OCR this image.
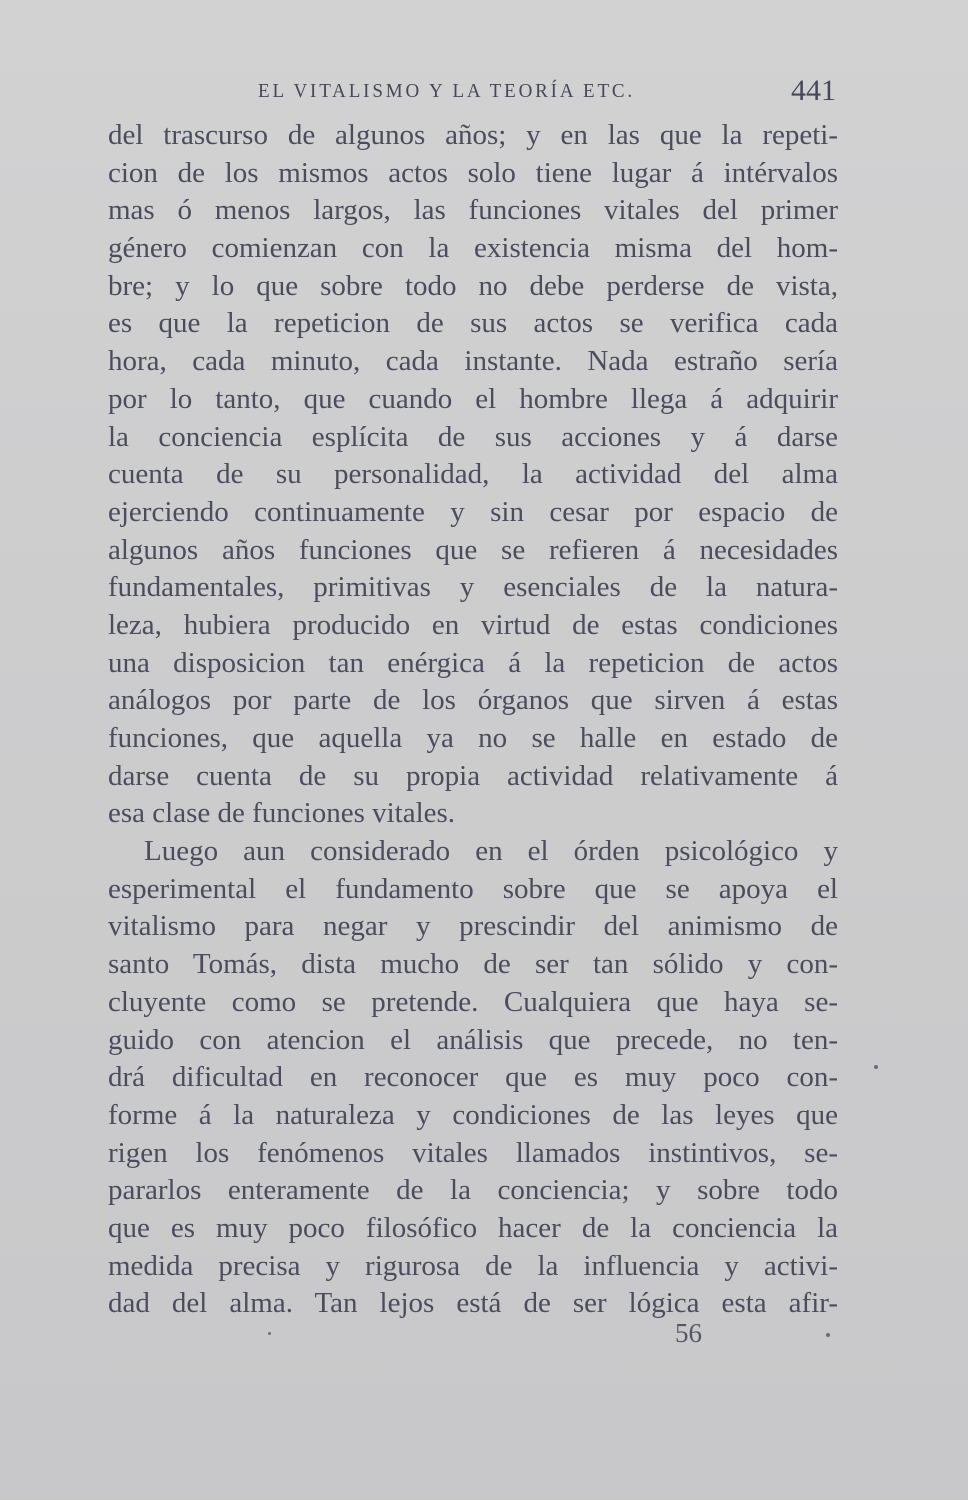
EL VITALISMO Y LA TEORÍA ETC.	441
del trascurso de algunos años; y en las que la repeti-
cion de los mismos actos solo tiene lugar á intérvalos
mas ó menos largos, las funciones vitales del primer
género comienzan con la existencia misma del hom-
bre; y lo que sobre todo no debe perderse de vista,
es que la repeticion de sus actos se verifica cada
hora, cada minuto, cada instante. Nada estraño sería
por lo tanto, que cuando el hombre llega á adquirir
la conciencia esplícita de sus acciones y á darse
cuenta de su personalidad, la actividad del alma
ejerciendo continuamente y sin cesar por espacio de
algunos años funciones que se refieren á necesidades
fundamentales, primitivas y esenciales de la natura-
leza, hubiera producido en virtud de estas condiciones
una disposicion tan enérgica á la repeticion de actos
análogos por parte de los órganos que sirven á estas
funciones, que aquella ya no se halle en estado de
darse cuenta de su propia actividad relativamente á
esa clase de funciones vitales.
Luego aun considerado en el órden psicológico y
esperimental el fundamento sobre que se apoya el
vitalismo para negar y prescindir del animismo de
santo Tomás, dista mucho de ser tan sólido y con-
cluyente como se pretende. Cualquiera que haya se-
guido con atencion el análisis que precede, no ten-
drá dificultad en reconocer que es muy poco con-
forme á la naturaleza y condiciones de las leyes que
rigen los fenómenos vitales llamados instintivos, se-
pararlos enteramente de la conciencia; y sobre todo
que es muy poco filosófico hacer de la conciencia la
medida precisa y rigurosa de la influencia y activi-
dad del alma. Tan lejos está de ser lógica esta afir-
56
